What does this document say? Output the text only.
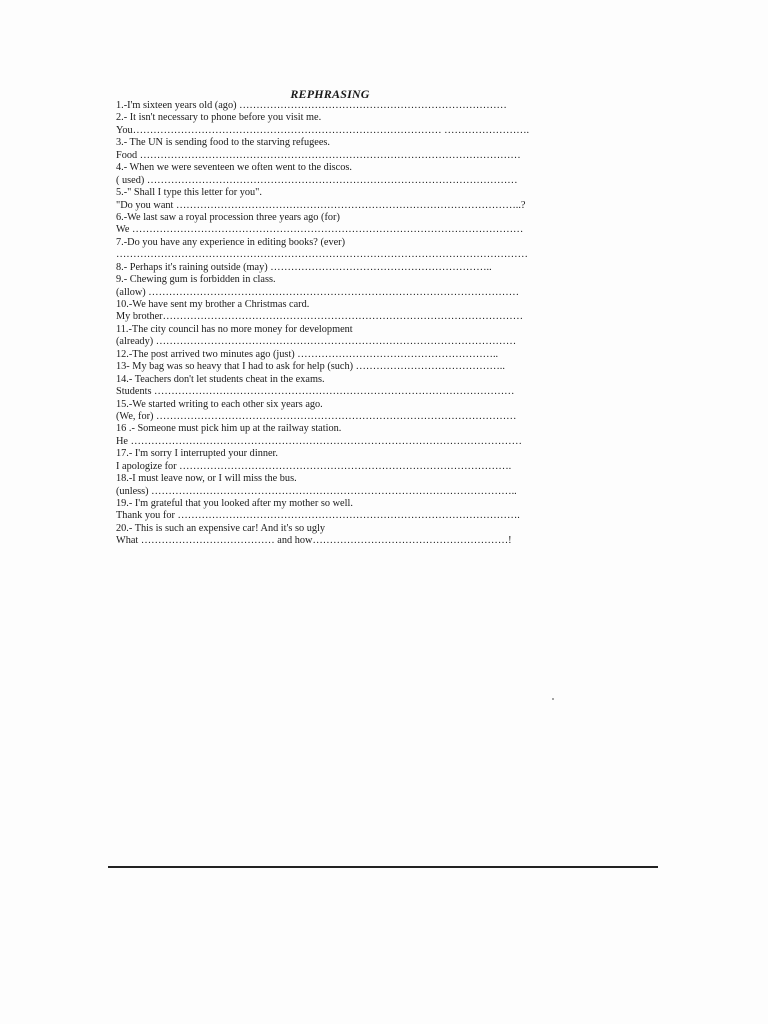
REPHRASING
1.-I'm sixteen years old (ago) ……………………………………………………………………
2.- It isn't necessary to phone before you visit me.
You……………………………………………………………………………… …………………….
3.- The UN is sending food to the starving refugees.
Food …………………………………………………………………………………………………
4.- When we were seventeen we often went to the discos.
( used) ………………………………………………………………………………………………
5.-" Shall I type this letter for you".
"Do you want ………………………………………………………………………………………..?
6.-We last saw a royal procession three years ago (for)
We ……………………………………………………………………………………………………
7.-Do you have any experience in editing books? (ever)
…………………………………………………………………………………………………………
8.- Perhaps it's raining outside (may) ………………………………………………………..
9.- Chewing gum is forbidden in class.
(allow) ………………………………………………………………………………………………
10.-We have sent my brother a Christmas card.
My brother……………………………………………………………………………………………
11.-The city council has no more money for development
(already) ……………………………………………………………………………………………
12.-The post arrived two minutes ago (just) …………………………………………………..
13- My bag was so heavy that I had to ask for help (such) ……………………………………..
14.- Teachers don't let students cheat in the exams.
Students ……………………………………………………………………………………………
15.-We started writing to each other six years ago.
(We, for) ……………………………………………………………………………………………
16 .- Someone must pick him up at the railway station.
He ……………………………………………………………………………………………………
17.- I'm sorry I interrupted your dinner.
I apologize for …………………………………………………………………………………….
18.-I must leave now, or I will miss the bus.
(unless) ……………………………………………………………………………………………..
19.- I'm grateful that you looked after my mother so well.
Thank you for ……………………………………………………………………………………….
20.- This is such an expensive car! And it's so ugly
What ………………………………… and how…………………………………………………!
